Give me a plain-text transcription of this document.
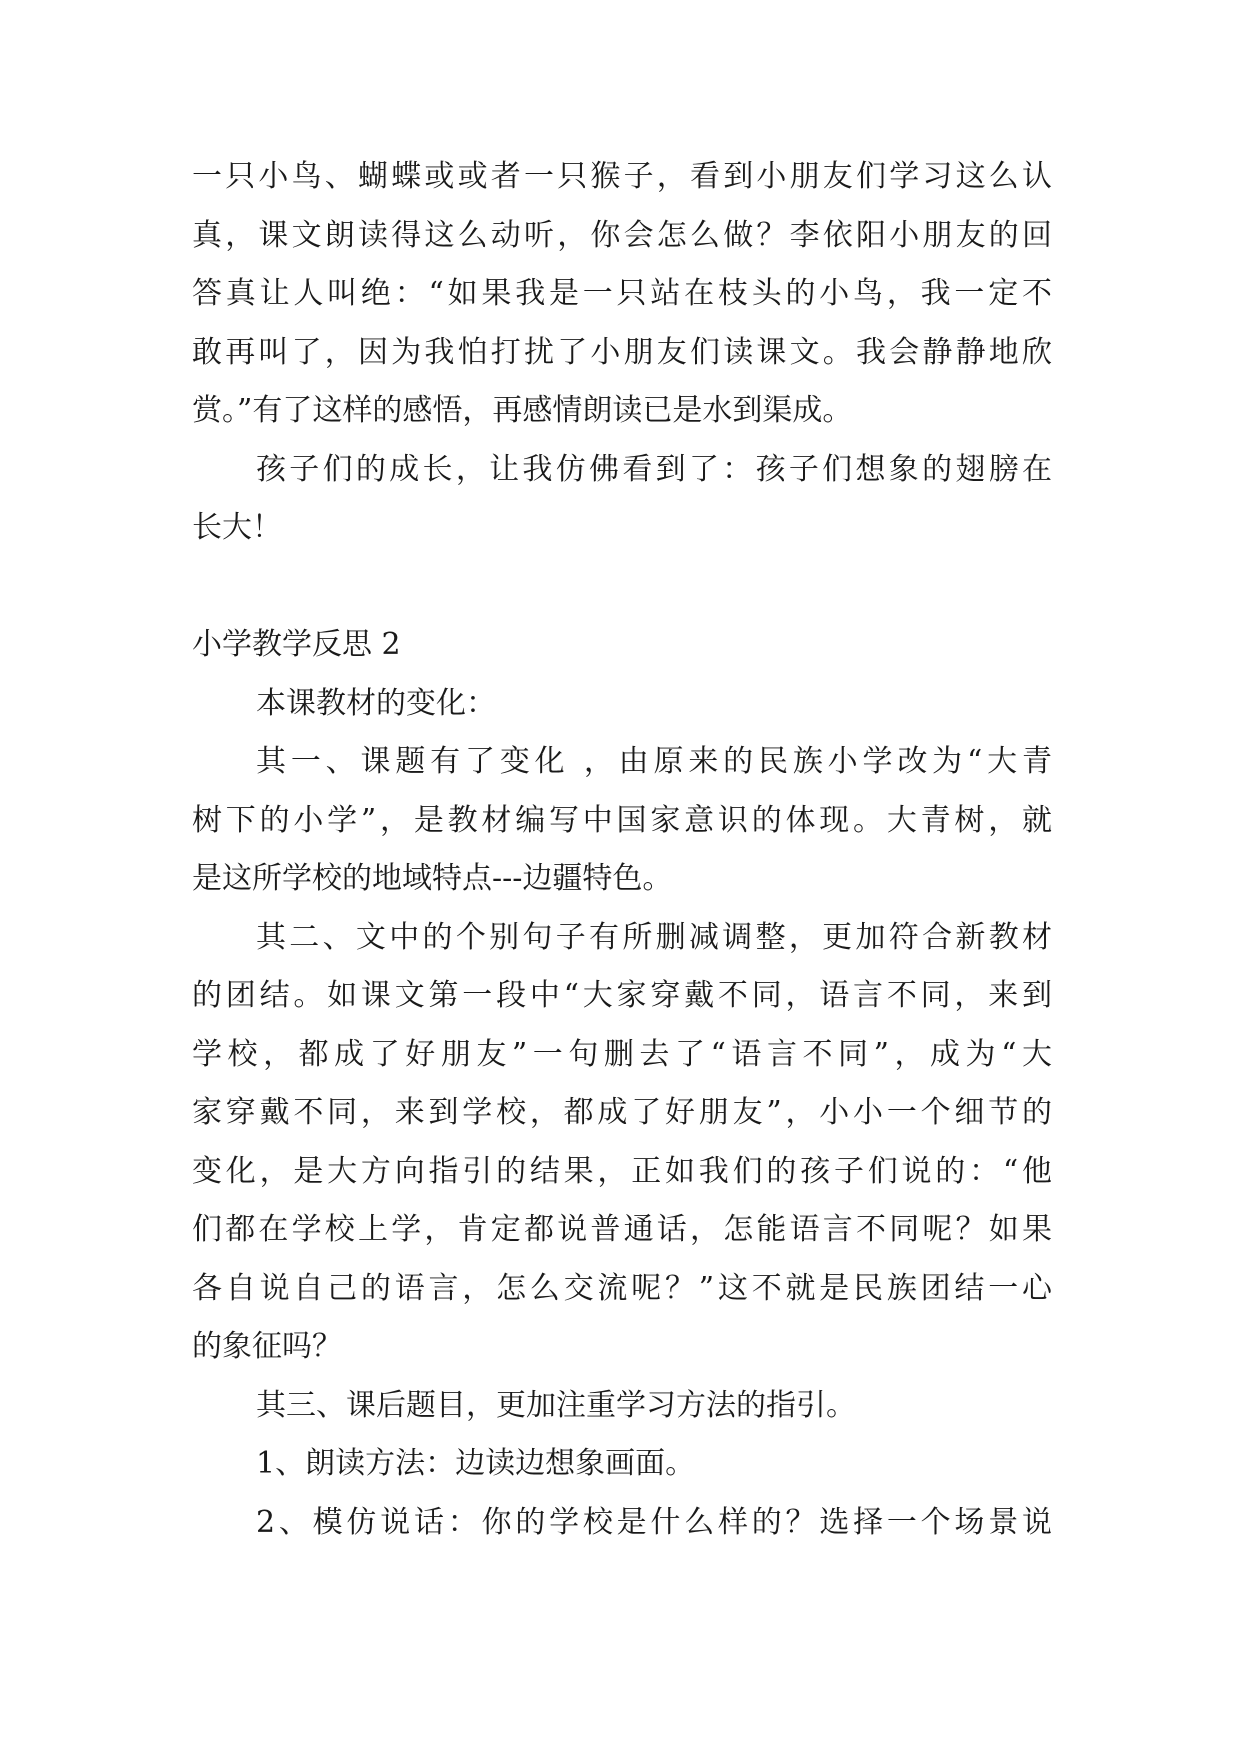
一只小鸟、蝴蝶或或者一只猴子，看到小朋友们学习这么认
真，课文朗读得这么动听，你会怎么做？李依阳小朋友的回
答真让人叫绝：“如果我是一只站在枝头的小鸟，我一定不
敢再叫了，因为我怕打扰了小朋友们读课文。我会静静地欣
赏。”有了这样的感悟，再感情朗读已是水到渠成。
孩子们的成长，让我仿佛看到了：孩子们想象的翅膀在
长大！
小学教学反思 2
本课教材的变化：
其一、课题有了变化 ，由原来的民族小学改为“大青
树下的小学”，是教材编写中国家意识的体现。大青树，就
是这所学校的地域特点---边疆特色。
其二、文中的个别句子有所删减调整，更加符合新教材
的团结。如课文第一段中“大家穿戴不同，语言不同，来到
学校，都成了好朋友”一句删去了“语言不同”，成为“大
家穿戴不同，来到学校，都成了好朋友”，小小一个细节的
变化，是大方向指引的结果，正如我们的孩子们说的：“他
们都在学校上学，肯定都说普通话，怎能语言不同呢？如果
各自说自己的语言，怎么交流呢？”这不就是民族团结一心
的象征吗？
其三、课后题目，更加注重学习方法的指引。
1、朗读方法：边读边想象画面。
2、模仿说话：你的学校是什么样的？选择一个场景说
